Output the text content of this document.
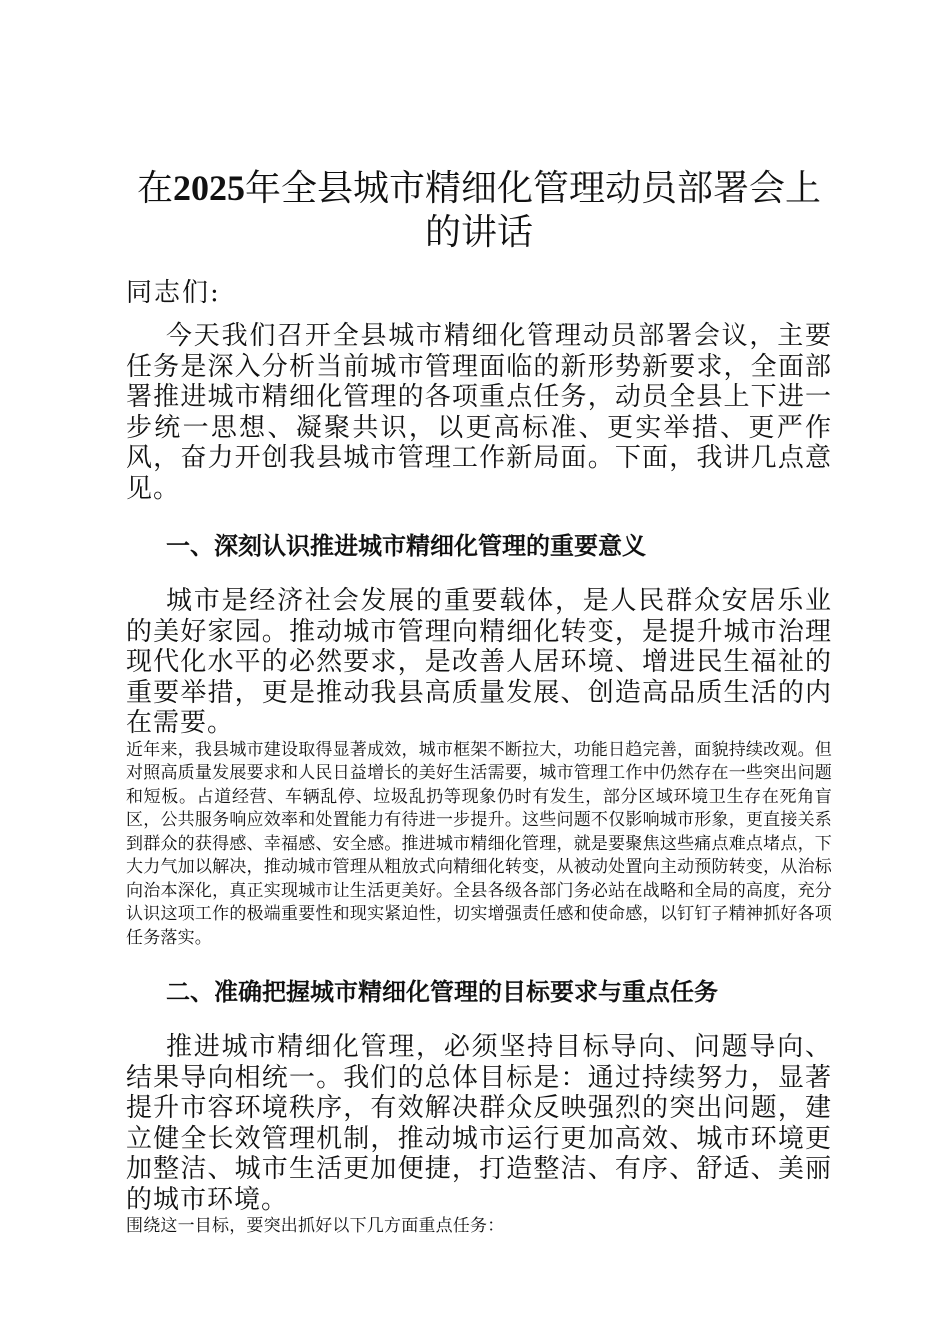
在2025年全县城市精细化管理动员部署会上
的讲话

同志们:

今天我们召开全县城市精细化管理动员部署会议，主要任务是深入分析当前城市管理面临的新形势新要求，全面部署推进城市精细化管理的各项重点任务，动员全县上下进一步统一思想、凝聚共识，以更高标准、更实举措、更严作风，奋力开创我县城市管理工作新局面。下面，我讲几点意见。

一、深刻认识推进城市精细化管理的重要意义

城市是经济社会发展的重要载体，是人民群众安居乐业的美好家园。推动城市管理向精细化转变，是提升城市治理现代化水平的必然要求，是改善人居环境、增进民生福祉的重要举措，更是推动我县高质量发展、创造高品质生活的内在需要。

近年来，我县城市建设取得显著成效，城市框架不断拉大，功能日趋完善，面貌持续改观。但对照高质量发展要求和人民日益增长的美好生活需要，城市管理工作中仍然存在一些突出问题和短板。占道经营、车辆乱停、垃圾乱扔等现象仍时有发生，部分区域环境卫生存在死角盲区，公共服务响应效率和处置能力有待进一步提升。这些问题不仅影响城市形象，更直接关系到群众的获得感、幸福感、安全感。推进城市精细化管理，就是要聚焦这些痛点难点堵点，下大力气加以解决，推动城市管理从粗放式向精细化转变，从被动处置向主动预防转变，从治标向治本深化，真正实现城市让生活更美好。全县各级各部门务必站在战略和全局的高度，充分认识这项工作的极端重要性和现实紧迫性，切实增强责任感和使命感，以钉钉子精神抓好各项任务落实。

二、准确把握城市精细化管理的目标要求与重点任务

推进城市精细化管理，必须坚持目标导向、问题导向、结果导向相统一。我们的总体目标是：通过持续努力，显著提升市容环境秩序，有效解决群众反映强烈的突出问题，建立健全长效管理机制，推动城市运行更加高效、城市环境更加整洁、城市生活更加便捷，打造整洁、有序、舒适、美丽的城市环境。

围绕这一目标，要突出抓好以下几方面重点任务：
